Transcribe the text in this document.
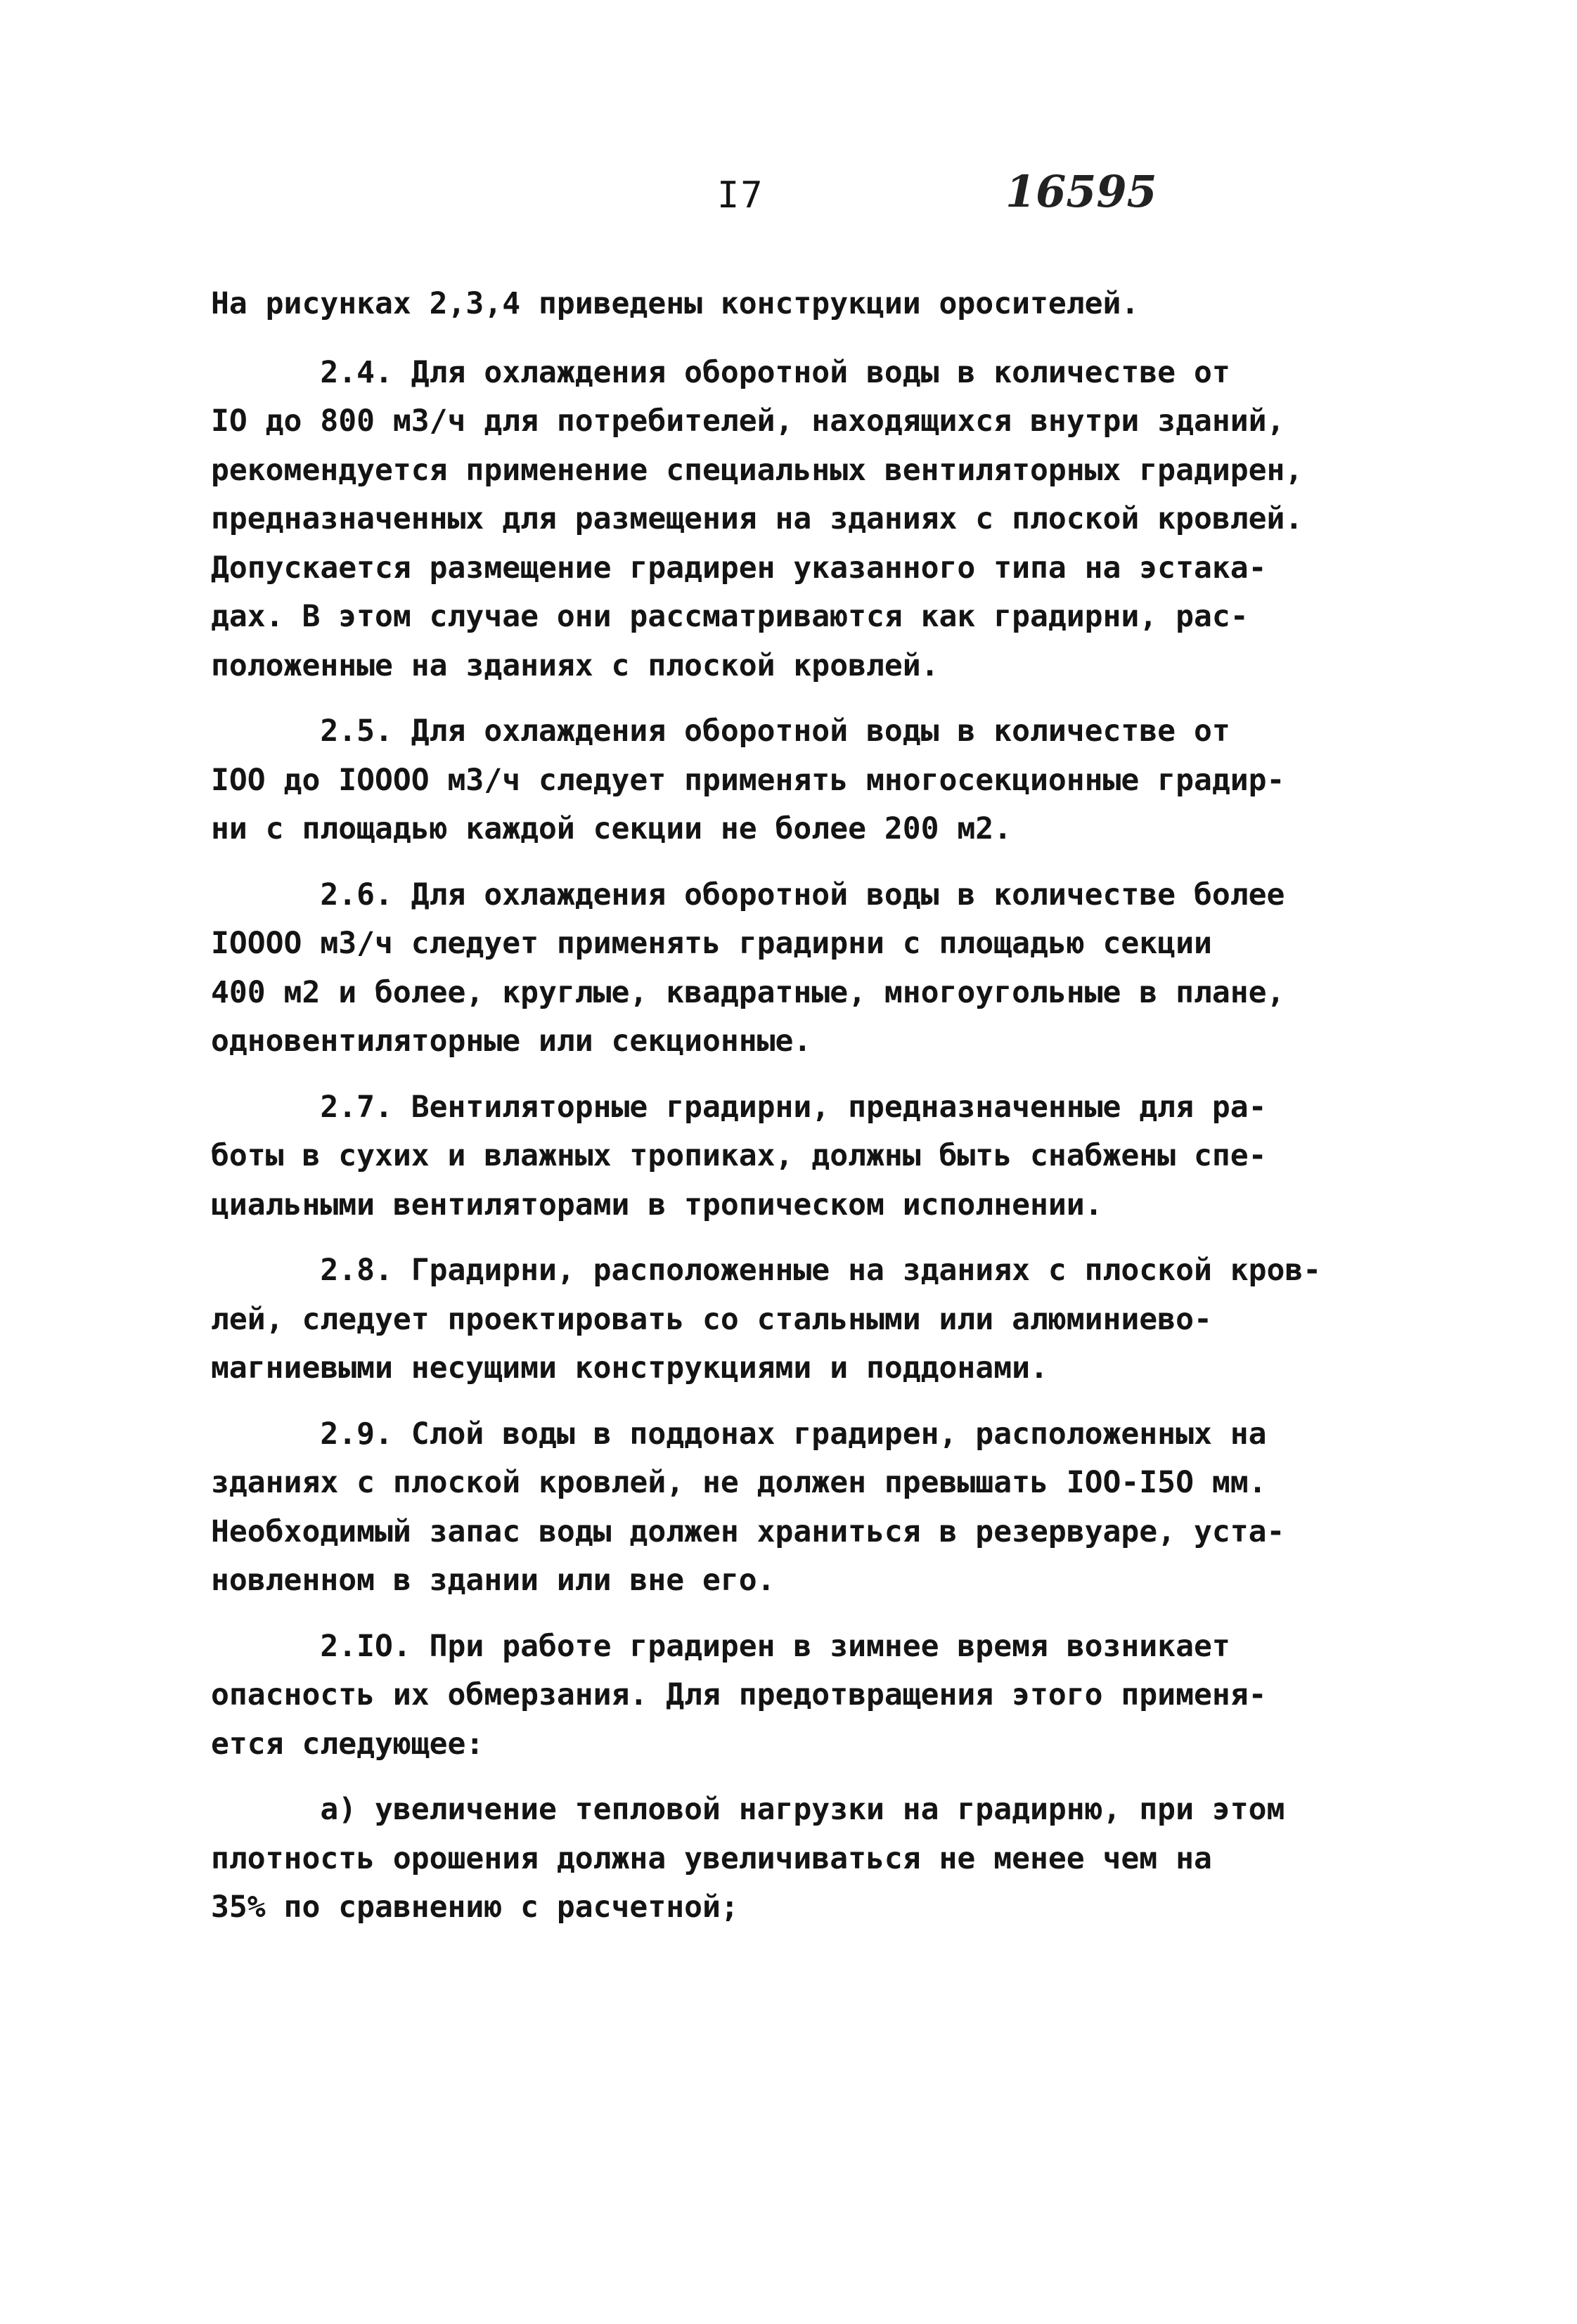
I7	16595

На рисунках 2,3,4 приведены конструкции оросителей.

2.4. Для охлаждения оборотной воды в количестве от
IO до 800 м3/ч для потребителей, находящихся внутри зданий,
рекомендуется применение специальных вентиляторных градирен,
предназначенных для размещения на зданиях с плоской кровлей.
Допускается размещение градирен указанного типа на эстака-
дах. В этом случае они рассматриваются как градирни, рас-
положенные на зданиях с плоской кровлей.

2.5. Для охлаждения оборотной воды в количестве от
IOO до IOOOO м3/ч следует применять многосекционные градир-
ни с площадью каждой секции не более 200 м2.

2.6. Для охлаждения оборотной воды в количестве более
IOOOO м3/ч следует применять градирни с площадью секции
400 м2 и более, круглые, квадратные, многоугольные в плане,
одновентиляторные или секционные.

2.7. Вентиляторные градирни, предназначенные для ра-
боты в сухих и влажных тропиках, должны быть снабжены спе-
циальными вентиляторами в тропическом исполнении.

2.8. Градирни, расположенные на зданиях с плоской кров-
лей, следует проектировать со стальными или алюминиево-
магниевыми несущими конструкциями и поддонами.

2.9. Слой воды в поддонах градирен, расположенных на
зданиях с плоской кровлей, не должен превышать IOO-I5O мм.
Необходимый запас воды должен храниться в резервуаре, уста-
новленном в здании или вне его.

2.IO. При работе градирен в зимнее время возникает
опасность их обмерзания. Для предотвращения этого применя-
ется следующее:

а) увеличение тепловой нагрузки на градирню, при этом
плотность орошения должна увеличиваться не менее чем на
35% по сравнению с расчетной;
